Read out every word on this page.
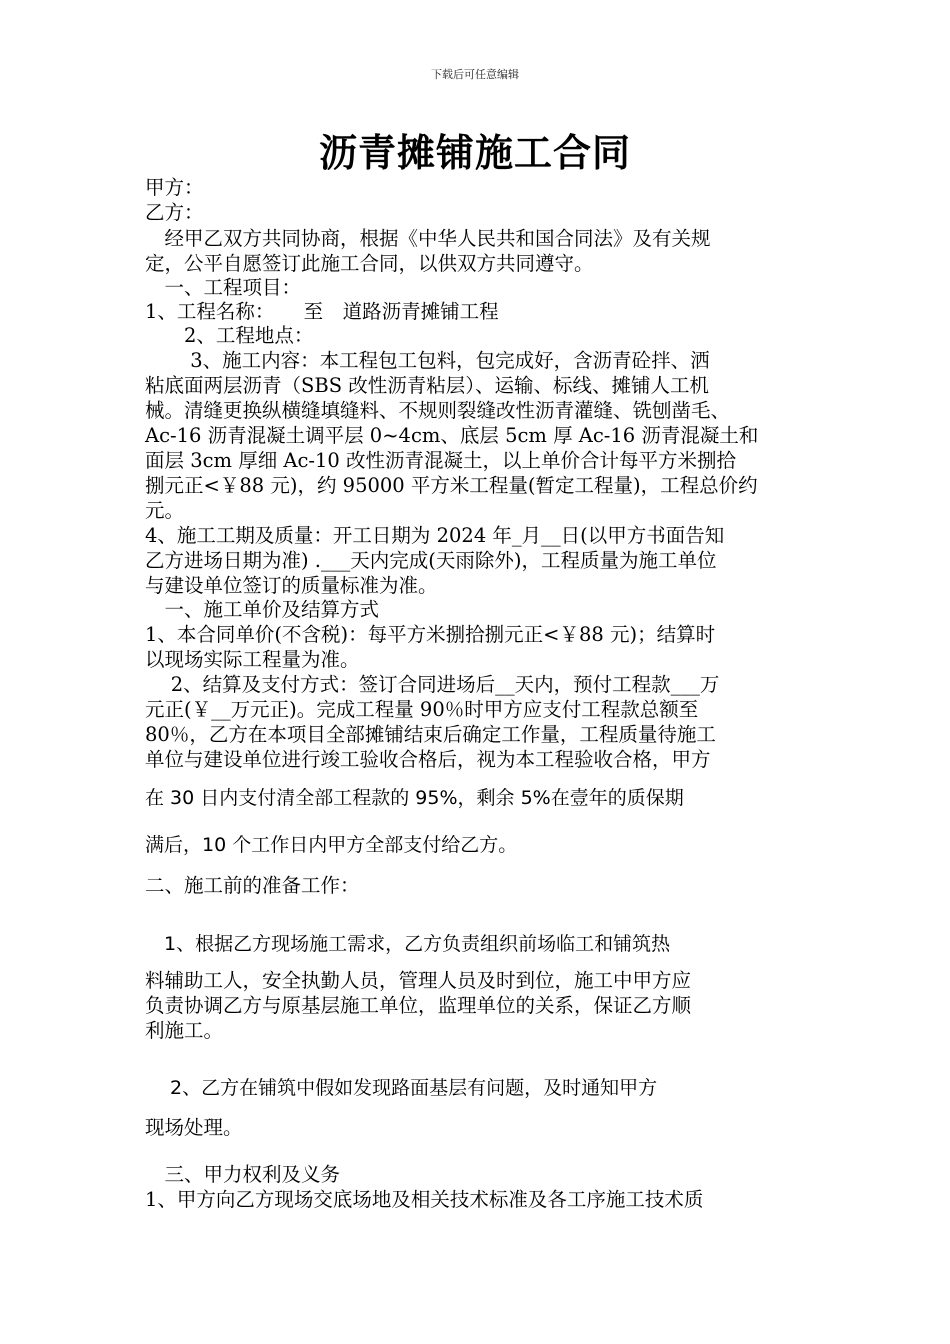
下载后可任意编辑
沥青摊铺施工合同
甲方：
乙方：
　经甲乙双方共同协商，根据《中华人民共和国合同法》及有关规
定，公平自愿签订此施工合同，以供双方共同遵守。
　一、工程项目：
1、工程名称：　　至　道路沥青摊铺工程
　　2、工程地点：
　　 3、施工内容：本工程包工包料，包完成好，含沥青砼拌、洒
粘底面两层沥青（SBS 改性沥青粘层）、运输、标线、摊铺人工机
械。清缝更换纵横缝填缝料、不规则裂缝改性沥青灌缝、铣刨凿毛、
Ac-16 沥青混凝土调平层 0~4cm、底层 5cm 厚 Ac-16 沥青混凝土和
面层 3cm 厚细 Ac-10 改性沥青混凝土，以上单价合计每平方米捌拾
捌元正<￥88 元)，约 95000 平方米工程量(暂定工程量)，工程总价约
元。
4、施工工期及质量：开工日期为 2024 年_月__日(以甲方书面告知
乙方进场日期为准) .___天内完成(天雨除外)，工程质量为施工单位
与建设单位签订的质量标准为准。
　一、施工单价及结算方式
1、本合同单价(不含税)：每平方米捌拾捌元正<￥88 元)；结算时
以现场实际工程量为准。
　 2、结算及支付方式：签订合同进场后__天内，预付工程款___万
元正(￥__万元正)。完成工程量 90％时甲方应支付工程款总额至
80％，乙方在本项目全部摊铺结束后确定工作量，工程质量待施工
单位与建设单位进行竣工验收合格后，视为本工程验收合格，甲方
在 30 日内支付清全部工程款的 95%，剩余 5%在壹年的质保期
满后，10 个工作日内甲方全部支付给乙方。
二、施工前的准备工作：
　1、根据乙方现场施工需求，乙方负责组织前场临工和铺筑热
料辅助工人，安全执勤人员，管理人员及时到位，施工中甲方应
负责协调乙方与原基层施工单位，监理单位的关系，保证乙方顺
利施工。
　 2、乙方在铺筑中假如发现路面基层有问题，及时通知甲方
现场处理。
　三、甲力权利及义务
1、甲方向乙方现场交底场地及相关技术标准及各工序施工技术质
